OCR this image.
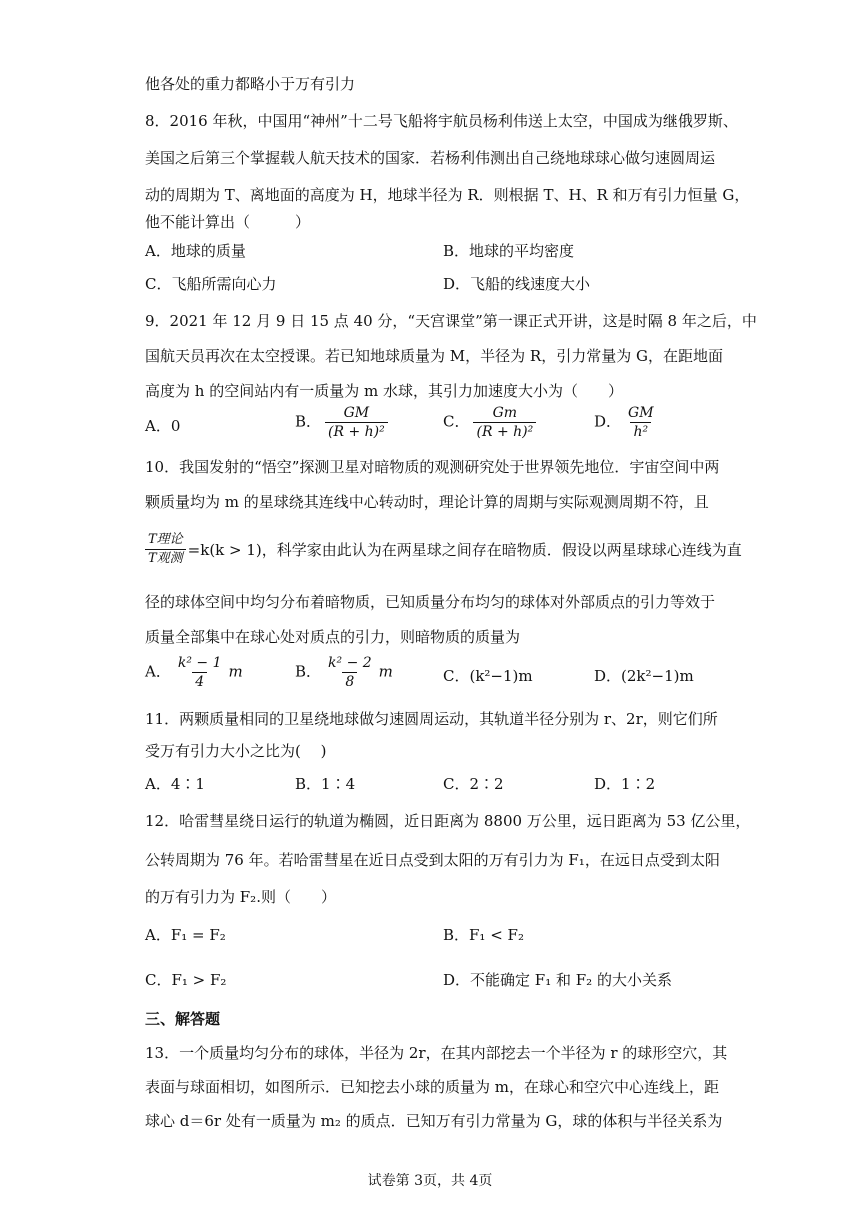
他各处的重力都略小于万有引力
8．2016 年秋，中国用“神州”十二号飞船将宇航员杨利伟送上太空，中国成为继俄罗斯、
美国之后第三个掌握载人航天技术的国家．若杨利伟测出自己绕地球球心做匀速圆周运
动的周期为 T、离地面的高度为 H，地球半径为 R．则根据 T、H、R 和万有引力恒量 G，
他不能计算出（　　　）
A．地球的质量	B．地球的平均密度
C．飞船所需向心力	D．飞船的线速度大小
9．2021 年 12 月 9 日 15 点 40 分，“天宫课堂”第一课正式开讲，这是时隔 8 年之后，中
国航天员再次在太空授课。若已知地球质量为 M，半径为 R，引力常量为 G，在距地面
高度为 h 的空间站内有一质量为 m 水球，其引力加速度大小为（　　）
A．0	B． $\frac{GM}{\text{(R + h)²}}$	C． $\frac{Gm}{\text{(R + h)²}}$	D． $\frac{GM}{\text{h²}}$
10．我国发射的“悟空”探测卫星对暗物质的观测研究处于世界领先地位．宇宙空间中两
颗质量均为 m 的星球绕其连线中心转动时，理论计算的周期与实际观测周期不符，且
$\frac{\text{T理论}}{\text{T观测}} =k(k > 1)$，科学家由此认为在两星球之间存在暗物质．假设以两星球球心连线为直
径的球体空间中均匀分布着暗物质，已知质量分布均匀的球体对外部质点的引力等效于
质量全部集中在球心处对质点的引力，则暗物质的质量为
A． $\frac{\text{k² − 1}}{4}$ m	B． $\frac{\text{k² − 2}}{8}$ m	C．(k²−1)m	D．(2k²−1)m
11．两颗质量相同的卫星绕地球做匀速圆周运动，其轨道半径分别为 r、2r，则它们所
受万有引力大小之比为(　 )
A．4∶1	B．1∶4	C．2∶2	D．1∶2
12．哈雷彗星绕日运行的轨道为椭圆，近日距离为 8800 万公里，远日距离为 53 亿公里，
公转周期为 76 年。若哈雷彗星在近日点受到太阳的万有引力为 F₁，在远日点受到太阳
的万有引力为 F₂.则（　　）
A．F₁ = F₂	B．F₁ < F₂
C．F₁ > F₂	D．不能确定 F₁ 和 F₂ 的大小关系
三、解答题
13．一个质量均匀分布的球体，半径为 2r，在其内部挖去一个半径为 r 的球形空穴，其
表面与球面相切，如图所示．已知挖去小球的质量为 m，在球心和空穴中心连线上，距
球心 d＝6r 处有一质量为 m₂ 的质点．已知万有引力常量为 G，球的体积与半径关系为
试卷第 3页，共 4页
